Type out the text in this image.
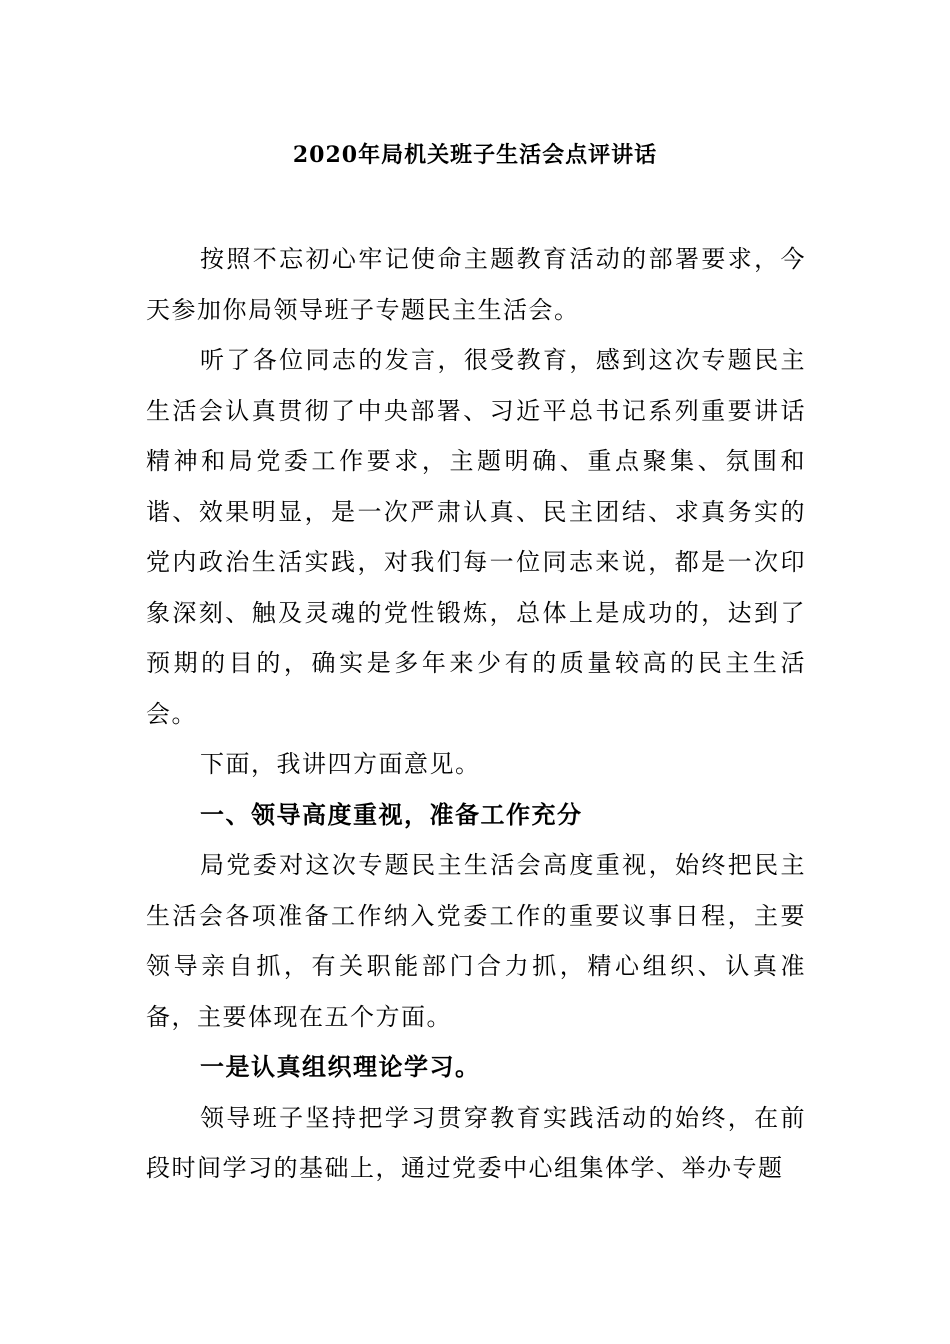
2020年局机关班子生活会点评讲话

按照不忘初心牢记使命主题教育活动的部署要求，今天参加你局领导班子专题民主生活会。

听了各位同志的发言，很受教育，感到这次专题民主生活会认真贯彻了中央部署、习近平总书记系列重要讲话精神和局党委工作要求，主题明确、重点聚集、氛围和谐、效果明显，是一次严肃认真、民主团结、求真务实的党内政治生活实践，对我们每一位同志来说，都是一次印象深刻、触及灵魂的党性锻炼，总体上是成功的，达到了预期的目的，确实是多年来少有的质量较高的民主生活会。

下面，我讲四方面意见。

一、领导高度重视，准备工作充分

局党委对这次专题民主生活会高度重视，始终把民主生活会各项准备工作纳入党委工作的重要议事日程，主要领导亲自抓，有关职能部门合力抓，精心组织、认真准备，主要体现在五个方面。

一是认真组织理论学习。

领导班子坚持把学习贯穿教育实践活动的始终，在前段时间学习的基础上，通过党委中心组集体学、举办专题
